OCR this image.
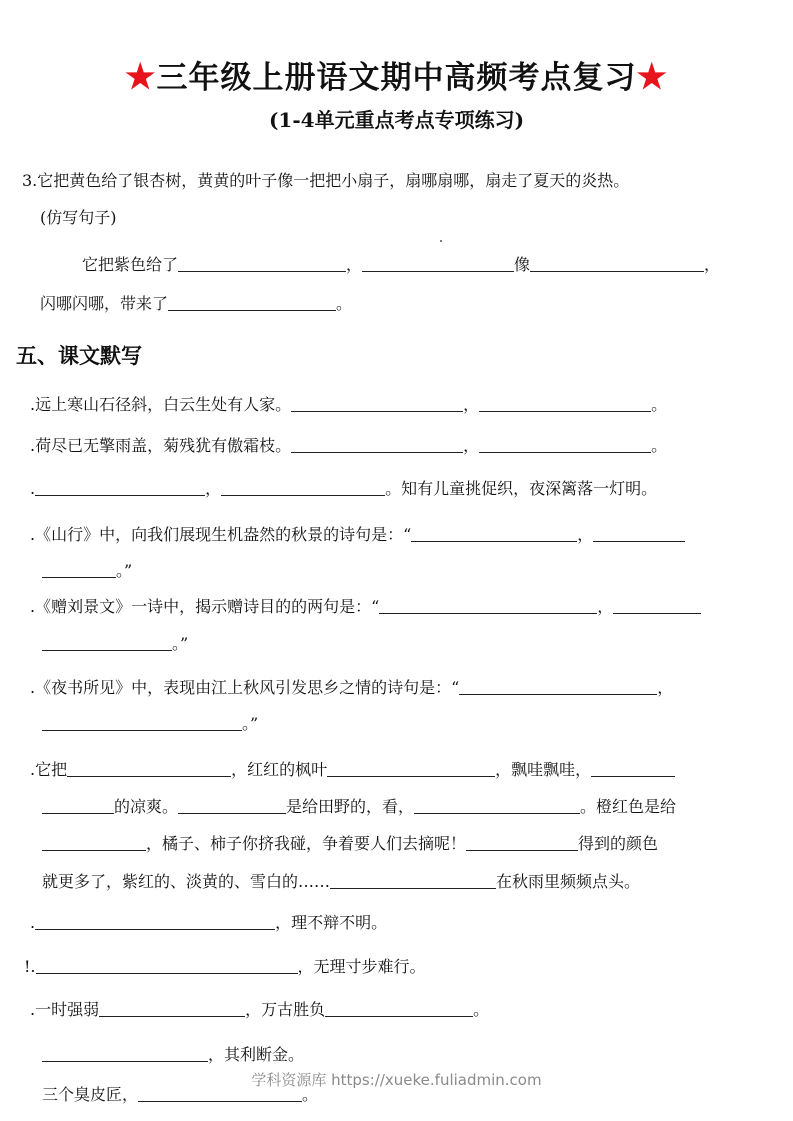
★三年级上册语文期中高频考点复习★
(1-4单元重点考点专项练习)
3.它把黄色给了银杏树，黄黄的叶子像一把把小扇子，扇哪扇哪，扇走了夏天的炎热。
(仿写句子)
它把紫色给了	，	像	，
闪哪闪哪，带来了	。
五、课文默写
.远上寒山石径斜，白云生处有人家。	，	。
.荷尽已无擎雨盖，菊残犹有傲霜枝。	，	。
.	，	。知有儿童挑促织，夜深篱落一灯明。
.《山行》中，向我们展现生机盎然的秋景的诗句是：“	，
。”
.《赠刘景文》一诗中，揭示赠诗目的的两句是：“	，
。”
.《夜书所见》中，表现由江上秋风引发思乡之情的诗句是：“	，
。”
.它把	，红红的枫叶	，飘哇飘哇，
的凉爽。	是给田野的，看，	。橙红色是给
，橘子、柿子你挤我碰，争着要人们去摘呢！	得到的颜色
就更多了，紫红的、淡黄的、雪白的……	在秋雨里频频点头。
.	，理不辩不明。
!.	，无理寸步难行。
.一时强弱	，万古胜负	。
，其利断金。
三个臭皮匠，	。
学科资源库 https://xueke.fuliadmin.com
